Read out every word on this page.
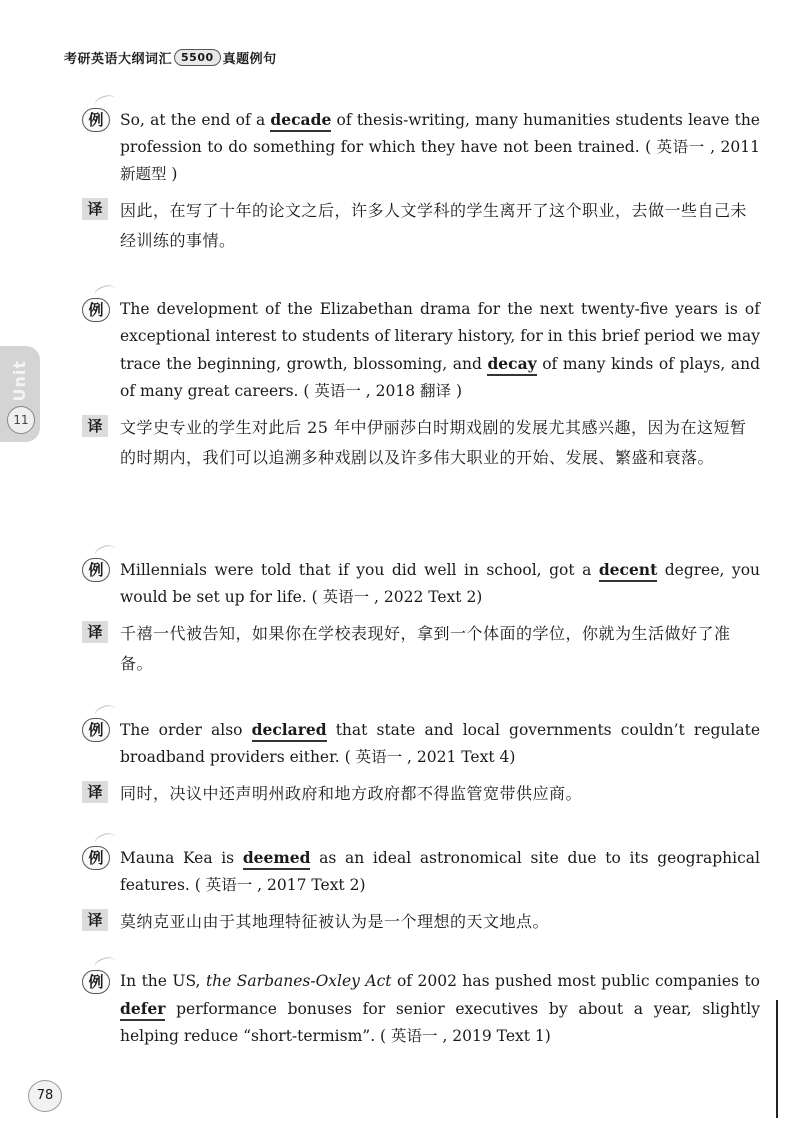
考研英语大纲词汇 5500 真题例句
Unit
11
例	So, at the end of a decade of thesis-writing, many humanities students leave the profession to do something for which they have not been trained. ( 英语一 , 2011 新题型 )
译	因此，在写了十年的论文之后，许多人文学科的学生离开了这个职业，去做一些自己未经训练的事情。
例	The development of the Elizabethan drama for the next twenty-five years is of exceptional interest to students of literary history, for in this brief period we may trace the beginning, growth, blossoming, and decay of many kinds of plays, and of many great careers. ( 英语一 , 2018 翻译 )
译	文学史专业的学生对此后 25 年中伊丽莎白时期戏剧的发展尤其感兴趣，因为在这短暂的时期内，我们可以追溯多种戏剧以及许多伟大职业的开始、发展、繁盛和衰落。
例	Millennials were told that if you did well in school, got a decent degree, you would be set up for life. ( 英语一 , 2022 Text 2)
译	千禧一代被告知，如果你在学校表现好，拿到一个体面的学位，你就为生活做好了准备。
例	The order also declared that state and local governments couldn’t regulate broadband providers either. ( 英语一 , 2021 Text 4)
译	同时，决议中还声明州政府和地方政府都不得监管宽带供应商。
例	Mauna Kea is deemed as an ideal astronomical site due to its geographical features. ( 英语一 , 2017 Text 2)
译	莫纳克亚山由于其地理特征被认为是一个理想的天文地点。
例	In the US, the Sarbanes-Oxley Act of 2002 has pushed most public companies to defer performance bonuses for senior executives by about a year, slightly helping reduce “short-termism”. ( 英语一 , 2019 Text 1)
78
